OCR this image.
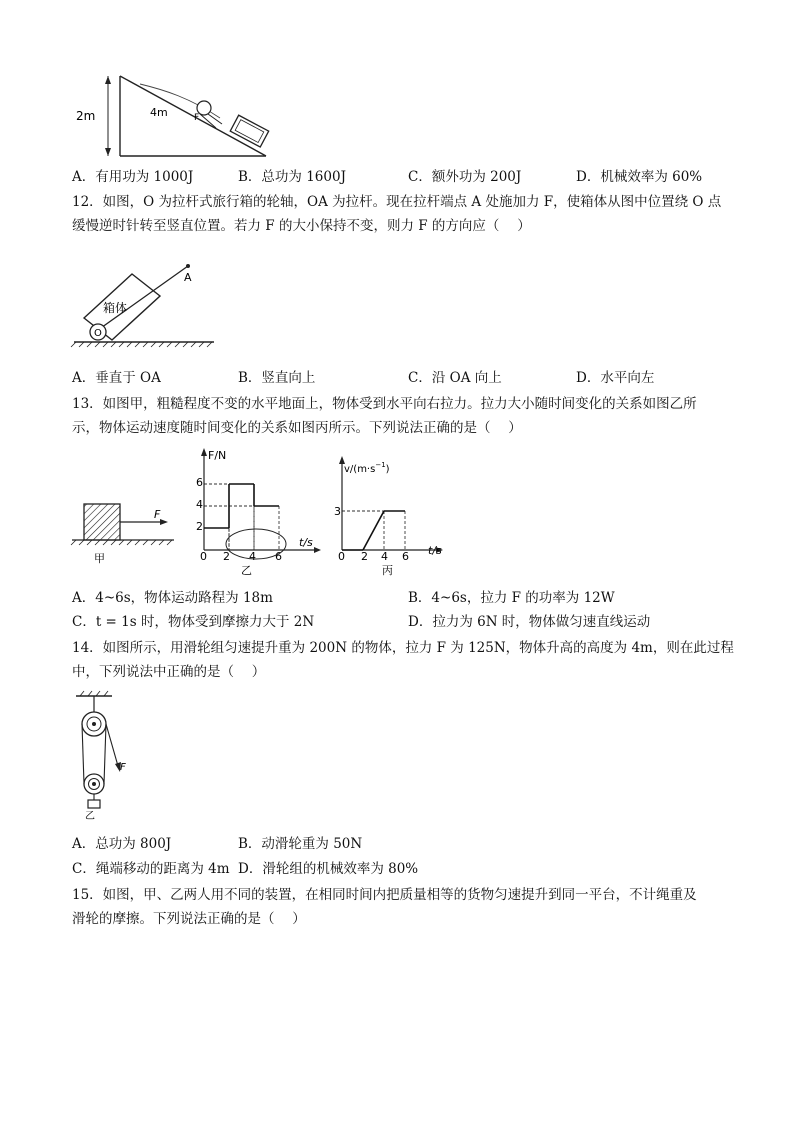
2m	4m	F
A．有用功为 1000J	B．总功为 1600J	C．额外功为 200J	D．机械效率为 60%
12．如图，O 为拉杆式旅行箱的轮轴，OA 为拉杆。现在拉杆端点 A 处施加力 F，使箱体从图中位置绕 O 点
缓慢逆时针转至竖直位置。若力 F 的大小保持不变，则力 F 的方向应（　 ）
O
A
箱体
A．垂直于 OA	B．竖直向上	C．沿 OA 向上	D．水平向左
13．如图甲，粗糙程度不变的水平地面上，物体受到水平向右拉力。拉力大小随时间变化的关系如图乙所
示，物体运动速度随时间变化的关系如图丙所示。下列说法正确的是（　 ）
F
甲
F/N
t/s
6
4
2
0 2 4 6
乙
$v/(m\cdot s^{-1})$
t/s
3
0 2 4 6
丙
A．4~6s，物体运动路程为 18m	B．4~6s，拉力 F 的功率为 12W
C．t = 1s 时，物体受到摩擦力大于 2N	D．拉力为 6N 时，物体做匀速直线运动
14．如图所示，用滑轮组匀速提升重为 200N 的物体，拉力 F 为 125N，物体升高的高度为 4m，则在此过程
中，下列说法中正确的是（　 ）
F
乙
A．总功为 800J	B．动滑轮重为 50N
C．绳端移动的距离为 4m D．滑轮组的机械效率为 80%
15．如图，甲、乙两人用不同的装置，在相同时间内把质量相等的货物匀速提升到同一平台，不计绳重及
滑轮的摩擦。下列说法正确的是（　 ）
